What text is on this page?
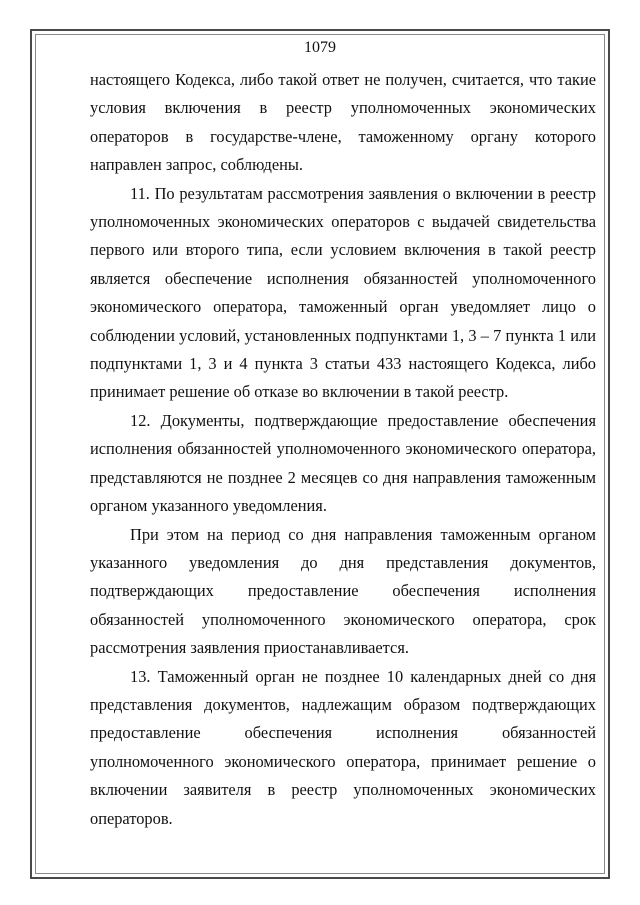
1079

настоящего Кодекса, либо такой ответ не получен, считается, что такие условия включения в реестр уполномоченных экономических операторов в государстве-члене, таможенному органу которого направлен запрос, соблюдены.

11. По результатам рассмотрения заявления о включении в реестр уполномоченных экономических операторов с выдачей свидетельства первого или второго типа, если условием включения в такой реестр является обеспечение исполнения обязанностей уполномоченного экономического оператора, таможенный орган уведомляет лицо о соблюдении условий, установленных подпунктами 1, 3 – 7 пункта 1 или подпунктами 1, 3 и 4 пункта 3 статьи 433 настоящего Кодекса, либо принимает решение об отказе во включении в такой реестр.

12. Документы, подтверждающие предоставление обеспечения исполнения обязанностей уполномоченного экономического оператора, представляются не позднее 2 месяцев со дня направления таможенным органом указанного уведомления.

При этом на период со дня направления таможенным органом указанного уведомления до дня представления документов, подтверждающих предоставление обеспечения исполнения обязанностей уполномоченного экономического оператора, срок рассмотрения заявления приостанавливается.

13. Таможенный орган не позднее 10 календарных дней со дня представления документов, надлежащим образом подтверждающих предоставление обеспечения исполнения обязанностей уполномоченного экономического оператора, принимает решение о включении заявителя в реестр уполномоченных экономических операторов.
